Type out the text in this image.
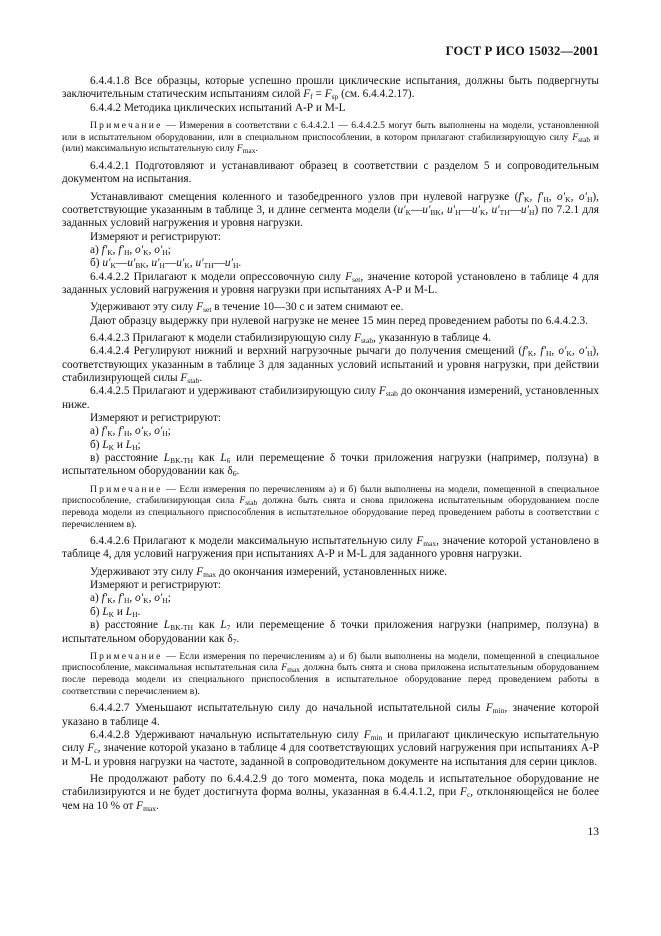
ГОСТ Р ИСО 15032—2001

6.4.4.1.8 Все образцы, которые успешно прошли циклические испытания, должны быть подвергнуты заключительным статическим испытаниям силой $F_f = F_{sp}$ (см. 6.4.4.2.17).

6.4.4.2 Методика циклических испытаний А-Р и М-L

Примечание — Измерения в соответствии с 6.4.4.2.1 — 6.4.4.2.5 могут быть выполнены на модели, установленной или в испытательном оборудовании, или в специальном приспособлении, в котором прилагают стабилизирующую силу $F_{stab}$ и (или) максимальную испытательную силу $F_{max}$.

6.4.4.2.1 Подготовляют и устанавливают образец в соответствии с разделом 5 и сопроводительным документом на испытания.

Устанавливают смещения коленного и тазобедренного узлов при нулевой нагрузке ($f'_K$, $f'_H$, $o'_K$, $o'_H$), соответствующие указанным в таблице 3, и длине сегмента модели ($u'_K—u'_{BK}$, $u'_H—u'_K$, $u'_{TH}—u'_H$) по 7.2.1 для заданных условий нагружения и уровня нагрузки.

Измеряют и регистрируют:

а) $f'_K$, $f'_H$, $o'_K$, $o'_H$;

б) $u'_K—u'_{BK}$, $u'_H—u'_K$, $u'_{TH}—u'_H$.

6.4.4.2.2 Прилагают к модели опрессовочную силу $F_{set}$, значение которой установлено в таблице 4 для заданных условий нагружения и уровня нагрузки при испытаниях А-Р и М-L.

Удерживают эту силу $F_{set}$ в течение 10—30 с и затем снимают ее.

Дают образцу выдержку при нулевой нагрузке не менее 15 мин перед проведением работы по 6.4.4.2.3.

6.4.4.2.3 Прилагают к модели стабилизирующую силу $F_{stab}$, указанную в таблице 4.

6.4.4.2.4 Регулируют нижний и верхний нагрузочные рычаги до получения смещений ($f'_K$, $f'_H$, $o'_K$, $o'_H$), соответствующих указанным в таблице 3 для заданных условий испытаний и уровня нагрузки, при действии стабилизирующей силы $F_{stab}$.

6.4.4.2.5 Прилагают и удерживают стабилизирующую силу $F_{stab}$ до окончания измерений, установленных ниже.

Измеряют и регистрируют:

а) $f'_K$, $f'_H$, $o'_K$, $o'_H$;

б) $L_K$ и $L_H$;

в) расстояние $L_{BK-TH}$ как $L_6$ или перемещение δ точки приложения нагрузки (например, ползуна) в испытательном оборудовании как $\delta_6$.

Примечание — Если измерения по перечислениям а) и б) были выполнены на модели, помещенной в специальное приспособление, стабилизирующая сила $F_{stab}$ должна быть снята и снова приложена испытательным оборудованием после перевода модели из специального приспособления в испытательное оборудование перед проведением работы в соответствии с перечислением в).

6.4.4.2.6 Прилагают к модели максимальную испытательную силу $F_{max}$, значение которой установлено в таблице 4, для условий нагружения при испытаниях А-Р и М-L для заданного уровня нагрузки.

Удерживают эту силу $F_{max}$ до окончания измерений, установленных ниже.

Измеряют и регистрируют:

а) $f'_K$, $f'_H$, $o'_K$, $o'_H$;

б) $L_K$ и $L_H$.

в) расстояние $L_{BK-TH}$ как $L_7$ или перемещение δ точки приложения нагрузки (например, ползуна) в испытательном оборудовании как $\delta_7$.

Примечание — Если измерения по перечислениям а) и б) были выполнены на модели, помещенной в специальное приспособление, максимальная испытательная сила $F_{max}$ должна быть снята и снова приложена испытательным оборудованием после перевода модели из специального приспособления в испытательное оборудование перед проведением работы в соответствии с перечислением в).

6.4.4.2.7 Уменьшают испытательную силу до начальной испытательной силы $F_{min}$, значение которой указано в таблице 4.

6.4.4.2.8 Удерживают начальную испытательную силу $F_{min}$ и прилагают циклическую испытательную силу $F_c$, значение которой указано в таблице 4 для соответствующих условий нагружения при испытаниях А-Р и М-L и уровня нагрузки на частоте, заданной в сопроводительном документе на испытания для серии циклов.

Не продолжают работу по 6.4.4.2.9 до того момента, пока модель и испытательное оборудование не стабилизируются и не будет достигнута форма волны, указанная в 6.4.4.1.2, при $F_c$, отклоняющейся не более чем на 10 % от $F_{max}$.

13
